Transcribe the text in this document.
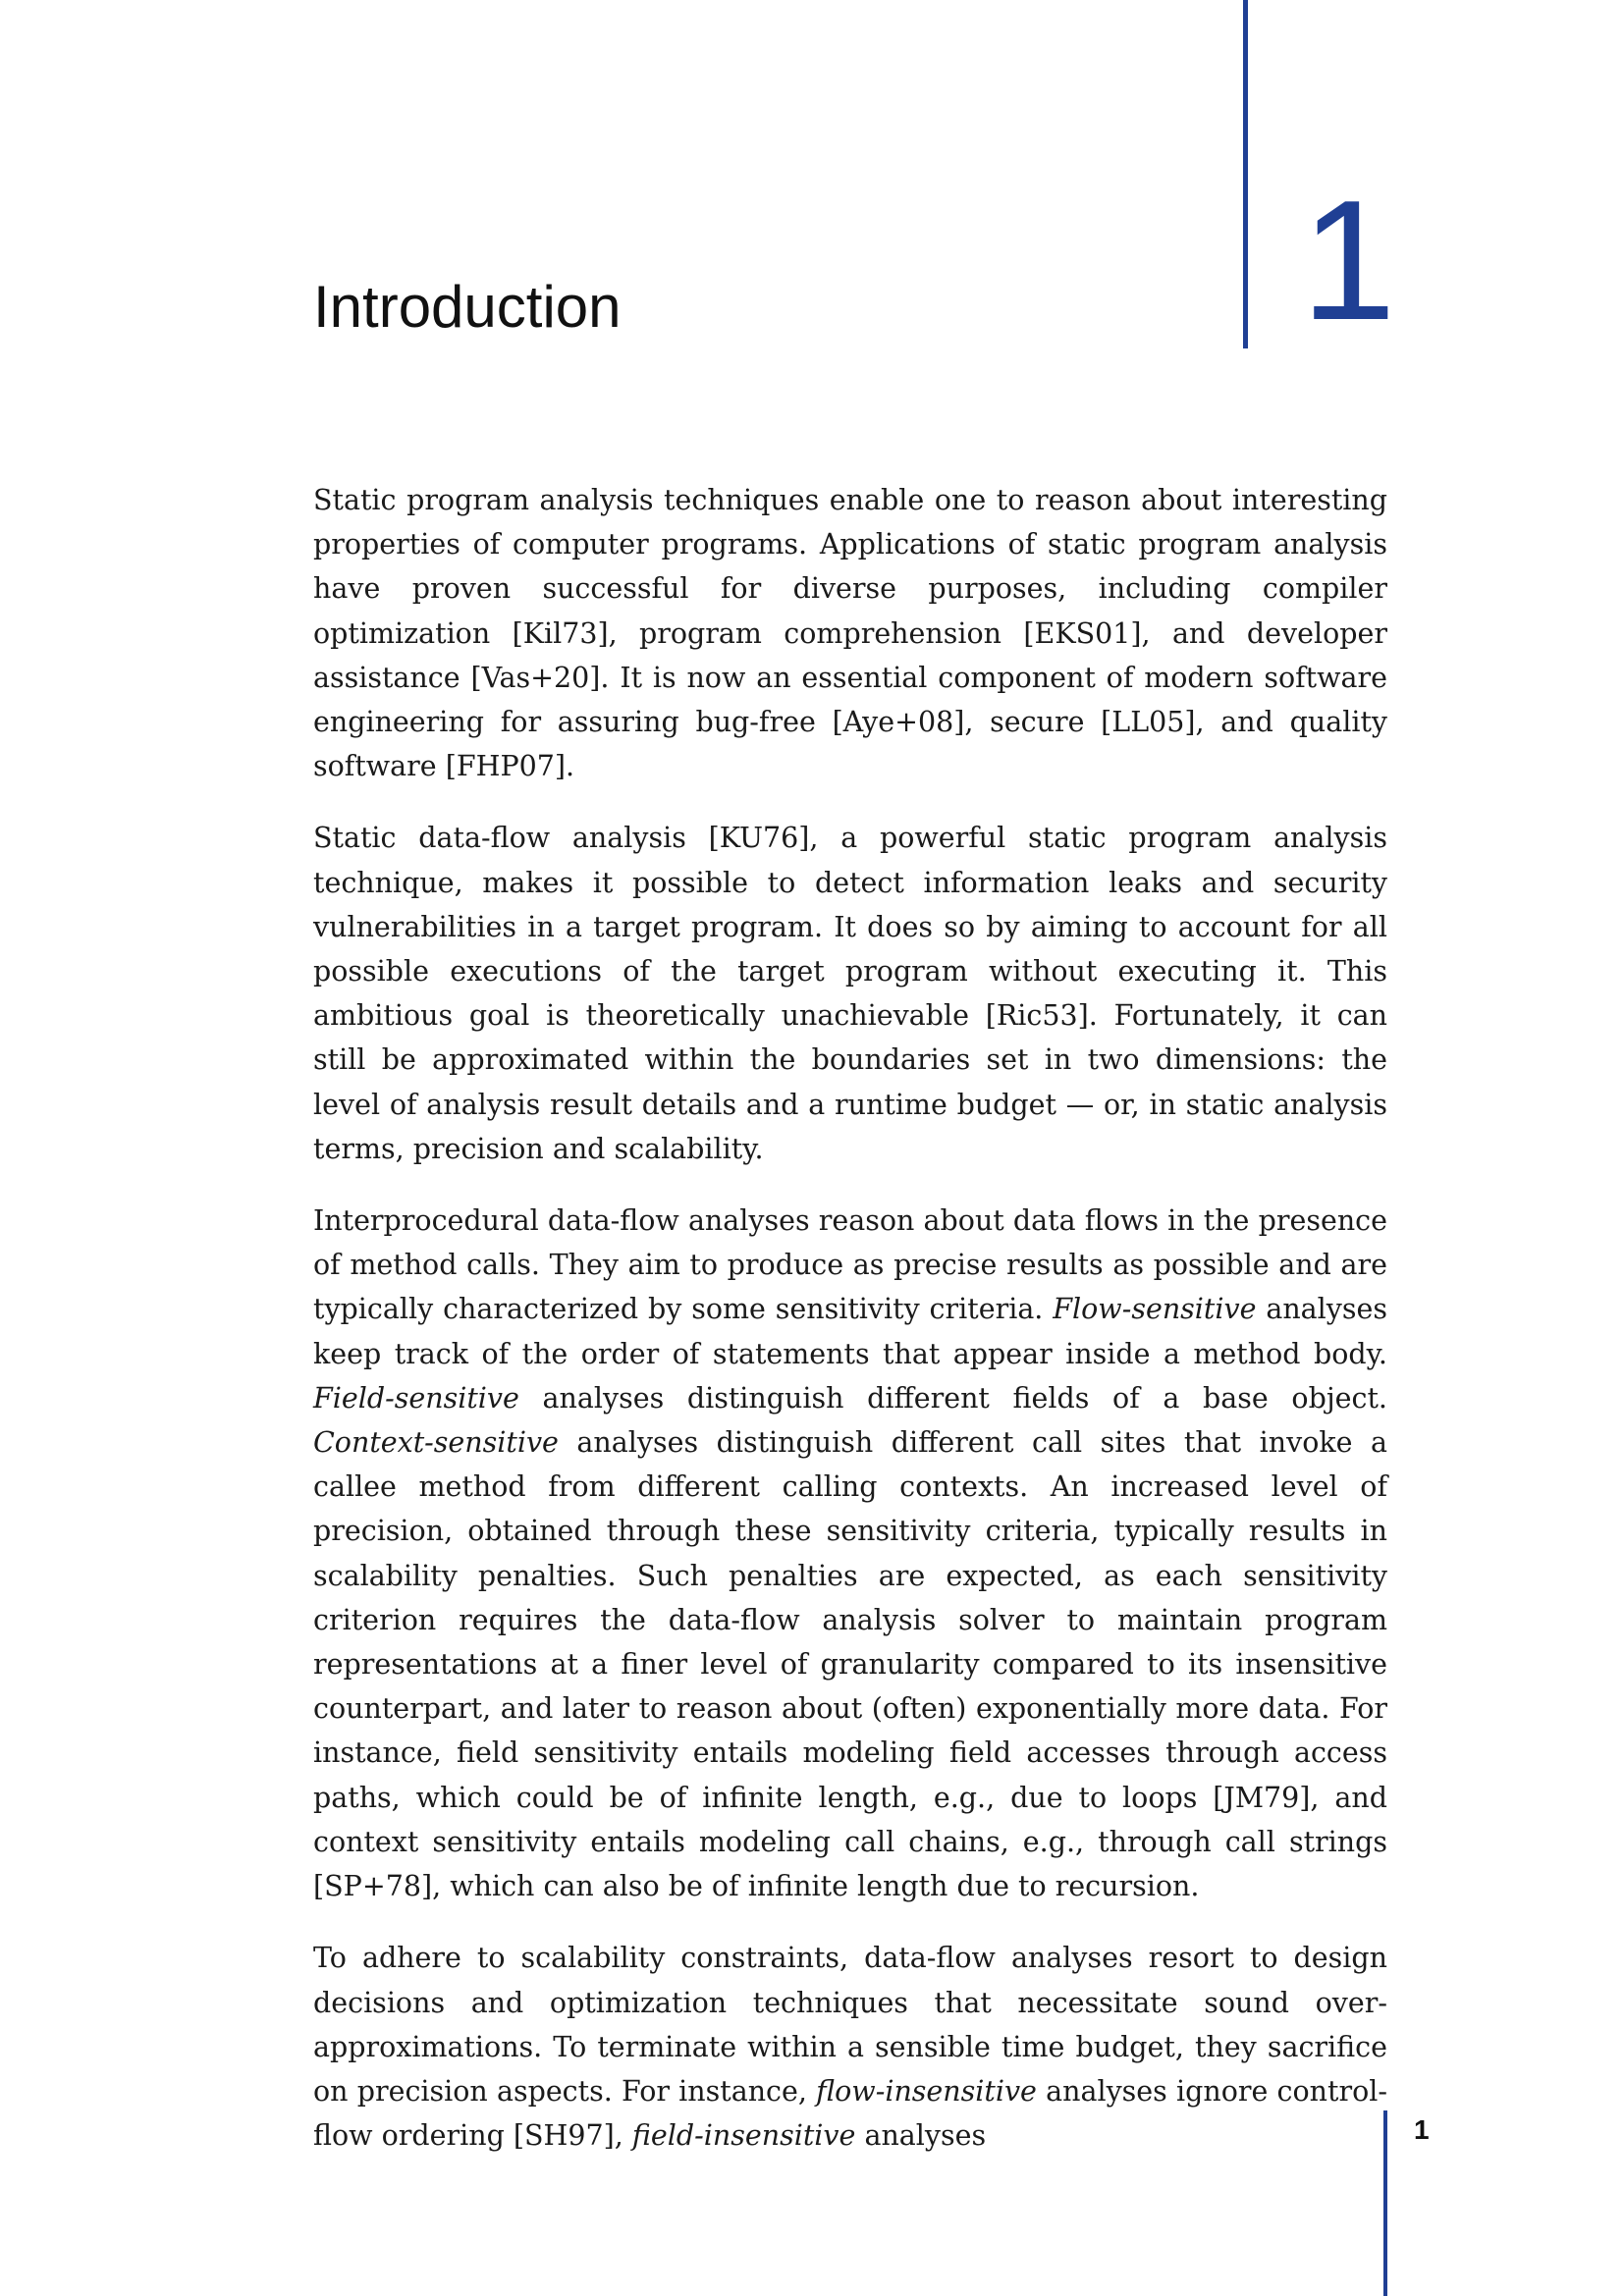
1
Introduction

Static program analysis techniques enable one to reason about interesting properties of computer programs. Applications of static program analysis have proven successful for diverse purposes, including compiler optimization [Kil73], program comprehension [EKS01], and developer assistance [Vas+20]. It is now an essential component of modern software engineering for assuring bug-free [Aye+08], secure [LL05], and quality software [FHP07].

Static data-flow analysis [KU76], a powerful static program analysis technique, makes it possible to detect information leaks and security vulnerabilities in a target program. It does so by aiming to account for all possible executions of the target program without executing it. This ambitious goal is theoretically unachievable [Ric53]. Fortunately, it can still be approximated within the boundaries set in two dimensions: the level of analysis result details and a runtime budget — or, in static analysis terms, precision and scalability.

Interprocedural data-flow analyses reason about data flows in the presence of method calls. They aim to produce as precise results as possible and are typically characterized by some sensitivity criteria. Flow-sensitive analyses keep track of the order of statements that appear inside a method body. Field-sensitive analyses distinguish different fields of a base object. Context-sensitive analyses distinguish different call sites that invoke a callee method from different calling contexts. An increased level of precision, obtained through these sensitivity criteria, typically results in scalability penalties. Such penalties are expected, as each sensitivity criterion requires the data-flow analysis solver to maintain program representations at a finer level of granularity compared to its insensitive counterpart, and later to reason about (often) exponentially more data. For instance, field sensitivity entails modeling field accesses through access paths, which could be of infinite length, e.g., due to loops [JM79], and context sensitivity entails modeling call chains, e.g., through call strings [SP+78], which can also be of infinite length due to recursion.

To adhere to scalability constraints, data-flow analyses resort to design decisions and optimization techniques that necessitate sound over-approximations. To terminate within a sensible time budget, they sacrifice on precision aspects. For instance, flow-insensitive analyses ignore control-flow ordering [SH97], field-insensitive analyses	1
